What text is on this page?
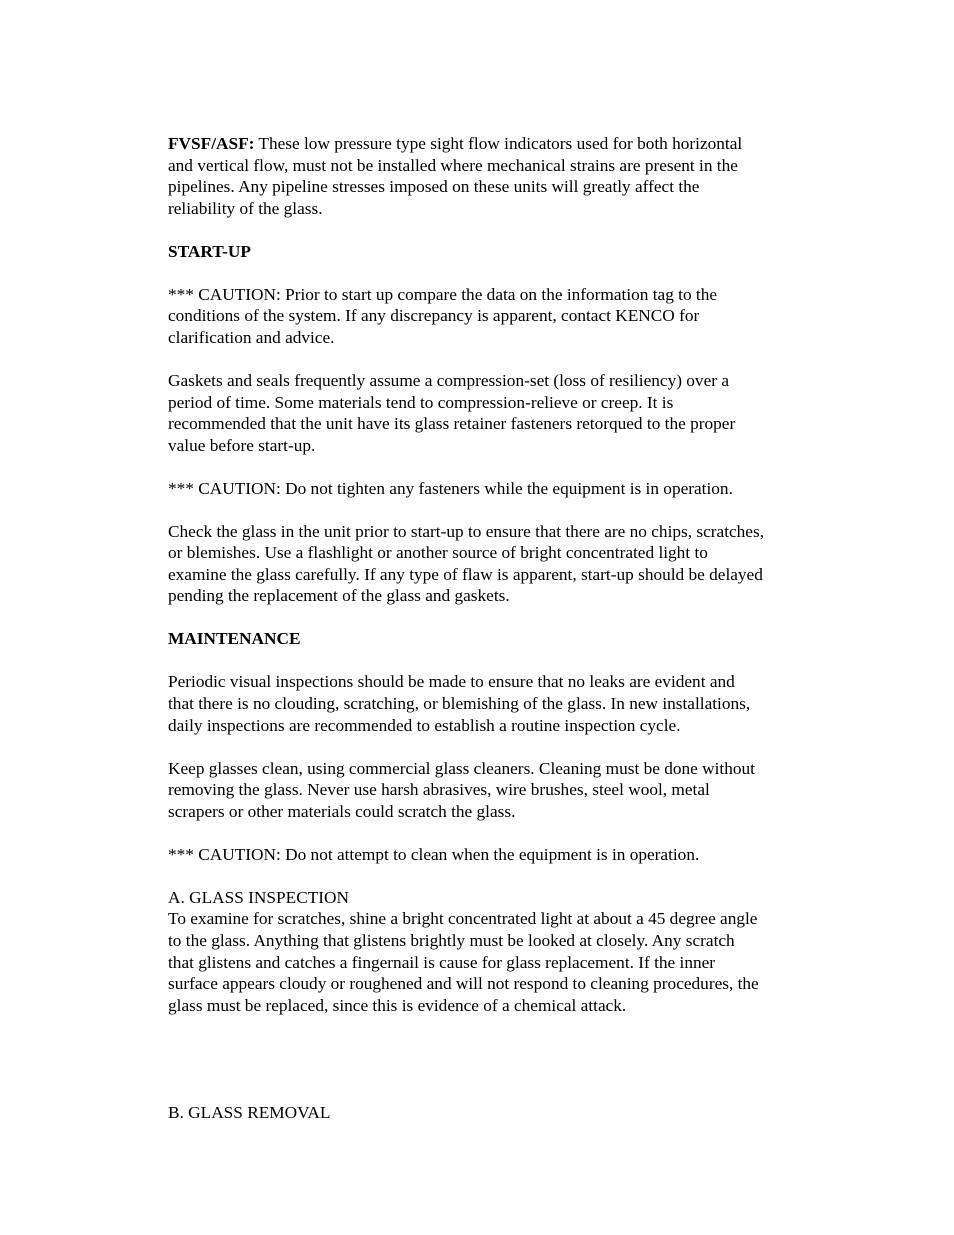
FVSF/ASF: These low pressure type sight flow indicators used for both horizontal
and vertical flow, must not be installed where mechanical strains are present in the
pipelines. Any pipeline stresses imposed on these units will greatly affect the
reliability of the glass.

START-UP

*** CAUTION: Prior to start up compare the data on the information tag to the
conditions of the system. If any discrepancy is apparent, contact KENCO for
clarification and advice.

Gaskets and seals frequently assume a compression-set (loss of resiliency) over a
period of time. Some materials tend to compression-relieve or creep. It is
recommended that the unit have its glass retainer fasteners retorqued to the proper
value before start-up.

*** CAUTION: Do not tighten any fasteners while the equipment is in operation.

Check the glass in the unit prior to start-up to ensure that there are no chips, scratches,
or blemishes. Use a flashlight or another source of bright concentrated light to
examine the glass carefully. If any type of flaw is apparent, start-up should be delayed
pending the replacement of the glass and gaskets.

MAINTENANCE

Periodic visual inspections should be made to ensure that no leaks are evident and
that there is no clouding, scratching, or blemishing of the glass. In new installations,
daily inspections are recommended to establish a routine inspection cycle.

Keep glasses clean, using commercial glass cleaners. Cleaning must be done without
removing the glass. Never use harsh abrasives, wire brushes, steel wool, metal
scrapers or other materials could scratch the glass.

*** CAUTION: Do not attempt to clean when the equipment is in operation.

A. GLASS INSPECTION

To examine for scratches, shine a bright concentrated light at about a 45 degree angle
to the glass. Anything that glistens brightly must be looked at closely. Any scratch
that glistens and catches a fingernail is cause for glass replacement. If the inner
surface appears cloudy or roughened and will not respond to cleaning procedures, the
glass must be replaced, since this is evidence of a chemical attack.

B. GLASS REMOVAL
